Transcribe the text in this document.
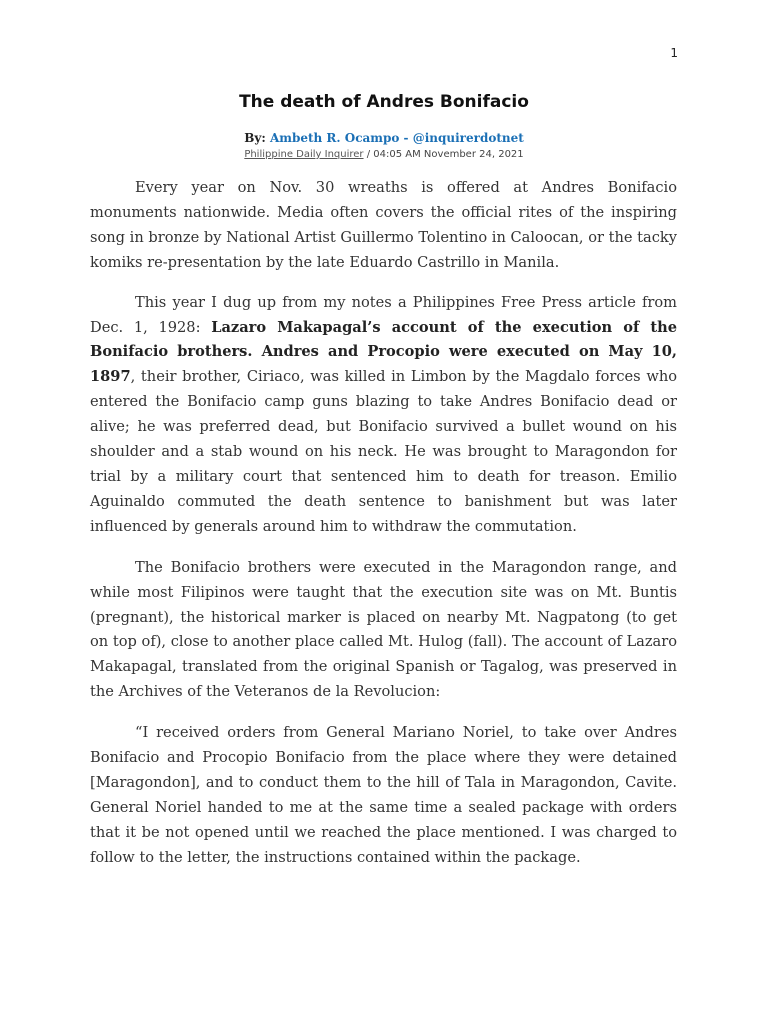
1
The death of Andres Bonifacio
By: Ambeth R. Ocampo - @inquirerdotnet
Philippine Daily Inquirer / 04:05 AM November 24, 2021

Every year on Nov. 30 wreaths is offered at Andres Bonifacio monuments nationwide. Media often covers the official rites of the inspiring song in bronze by National Artist Guillermo Tolentino in Caloocan, or the tacky komiks re-presentation by the late Eduardo Castrillo in Manila.

This year I dug up from my notes a Philippines Free Press article from Dec. 1, 1928: Lazaro Makapagal’s account of the execution of the Bonifacio brothers. Andres and Procopio were executed on May 10, 1897, their brother, Ciriaco, was killed in Limbon by the Magdalo forces who entered the Bonifacio camp guns blazing to take Andres Bonifacio dead or alive; he was preferred dead, but Bonifacio survived a bullet wound on his shoulder and a stab wound on his neck. He was brought to Maragondon for trial by a military court that sentenced him to death for treason. Emilio Aguinaldo commuted the death sentence to banishment but was later influenced by generals around him to withdraw the commutation.

The Bonifacio brothers were executed in the Maragondon range, and while most Filipinos were taught that the execution site was on Mt. Buntis (pregnant), the historical marker is placed on nearby Mt. Nagpatong (to get on top of), close to another place called Mt. Hulog (fall). The account of Lazaro Makapagal, translated from the original Spanish or Tagalog, was preserved in the Archives of the Veteranos de la Revolucion:

“I received orders from General Mariano Noriel, to take over Andres Bonifacio and Procopio Bonifacio from the place where they were detained [Maragondon], and to conduct them to the hill of Tala in Maragondon, Cavite. General Noriel handed to me at the same time a sealed package with orders that it be not opened until we reached the place mentioned. I was charged to follow to the letter, the instructions contained within the package.
